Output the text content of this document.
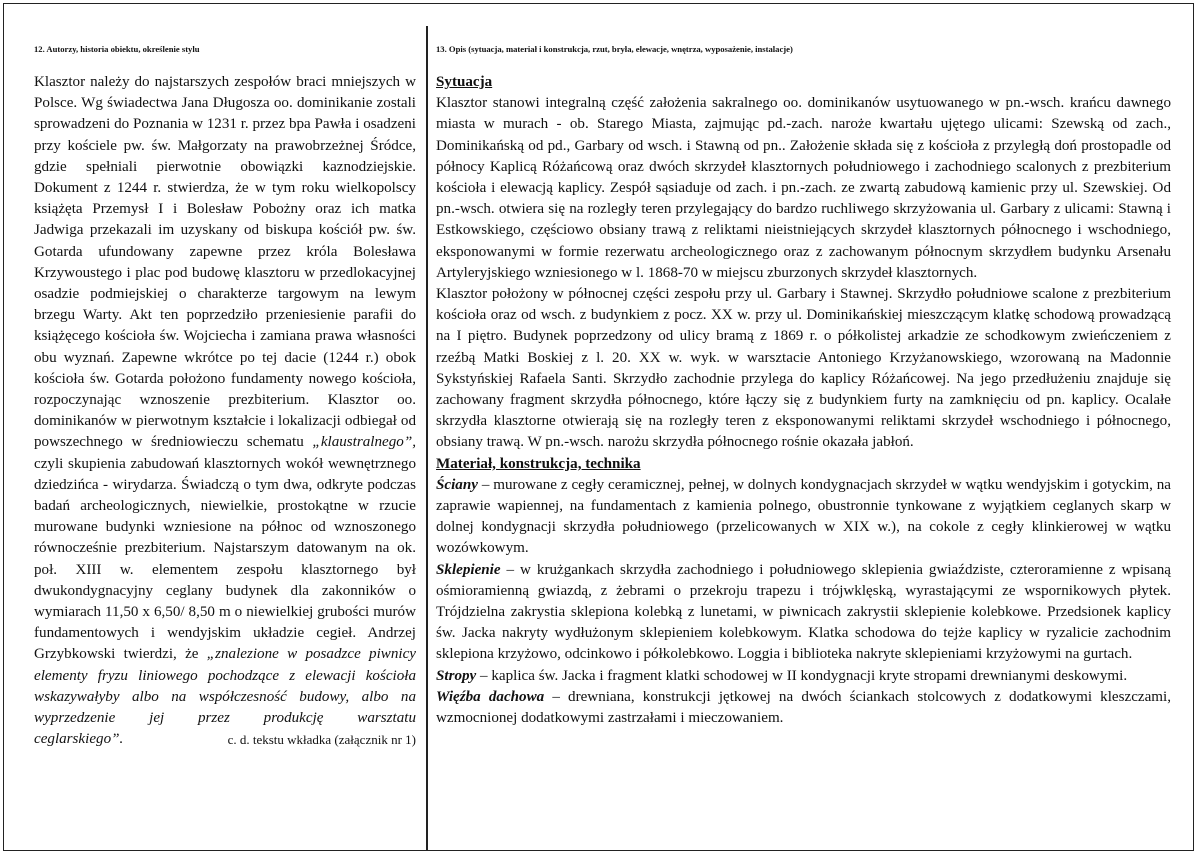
12. Autorzy, historia obiektu, określenie stylu

Klasztor należy do najstarszych zespołów braci mniejszych w Polsce. Wg świadectwa Jana Długosza oo. dominikanie zostali sprowadzeni do Poznania w 1231 r. przez bpa Pawła i osadzeni przy kościele pw. św. Małgorzaty na prawobrzeżnej Śródce, gdzie spełniali pierwotnie obowiązki kaznodziejskie. Dokument z 1244 r. stwierdza, że w tym roku wielkopolscy książęta Przemysł I i Bolesław Pobożny oraz ich matka Jadwiga przekazali im uzyskany od biskupa kościół pw. św. Gotarda ufundowany zapewne przez króla Bolesława Krzywoustego i plac pod budowę klasztoru w przedlokacyjnej osadzie podmiejskiej o charakterze targowym na lewym brzegu Warty. Akt ten poprzedziło przeniesienie parafii do książęcego kościoła św. Wojciecha i zamiana prawa własności obu wyznań. Zapewne wkrótce po tej dacie (1244 r.) obok kościoła św. Gotarda położono fundamenty nowego kościoła, rozpoczynając wznoszenie prezbiterium. Klasztor oo. dominikanów w pierwotnym kształcie i lokalizacji odbiegał od powszechnego w średniowieczu schematu „klaustralnego”, czyli skupienia zabudowań klasztornych wokół wewnętrznego dziedzińca - wirydarza. Świadczą o tym dwa, odkryte podczas badań archeologicznych, niewielkie, prostokątne w rzucie murowane budynki wzniesione na północ od wznoszonego równocześnie prezbiterium. Najstarszym datowanym na ok. poł. XIII w. elementem zespołu klasztornego był dwukondygnacyjny ceglany budynek dla zakonników o wymiarach 11,50 x 6,50/ 8,50 m o niewielkiej grubości murów fundamentowych i wendyjskim układzie cegieł. Andrzej Grzybkowski twierdzi, że „znalezione w posadzce piwnicy elementy fryzu liniowego pochodzące z elewacji kościoła wskazywałyby albo na współczesność budowy, albo na wyprzedzenie jej przez produkcję warsztatu

ceglarskiego”.	c. d. tekstu wkładka (załącznik nr 1)
13. Opis (sytuacja, materiał i konstrukcja, rzut, bryła, elewacje, wnętrza, wyposażenie, instalacje)

Sytuacja

Klasztor stanowi integralną część założenia sakralnego oo. dominikanów usytuowanego w pn.-wsch. krańcu dawnego miasta w murach - ob. Starego Miasta, zajmując pd.-zach. naroże kwartału ujętego ulicami: Szewską od zach., Dominikańską od pd., Garbary od wsch. i Stawną od pn.. Założenie składa się z kościoła z przyległą doń prostopadle od północy Kaplicą Różańcową oraz dwóch skrzydeł klasztornych południowego i zachodniego scalonych z prezbiterium kościoła i elewacją kaplicy. Zespół sąsiaduje od zach. i pn.-zach. ze zwartą zabudową kamienic przy ul. Szewskiej. Od pn.-wsch. otwiera się na rozległy teren przylegający do bardzo ruchliwego skrzyżowania ul. Garbary z ulicami: Stawną i Estkowskiego, częściowo obsiany trawą z reliktami nieistniejących skrzydeł klasztornych północnego i wschodniego, eksponowanymi w formie rezerwatu archeologicznego oraz z zachowanym północnym skrzydłem budynku Arsenału Artyleryjskiego wzniesionego w l. 1868-70 w miejscu zburzonych skrzydeł klasztornych.

Klasztor położony w północnej części zespołu przy ul. Garbary i Stawnej. Skrzydło południowe scalone z prezbiterium kościoła oraz od wsch. z budynkiem z pocz. XX w. przy ul. Dominikańskiej mieszczącym klatkę schodową prowadzącą na I piętro. Budynek poprzedzony od ulicy bramą z 1869 r. o półkolistej arkadzie ze schodkowym zwieńczeniem z rzeźbą Matki Boskiej z l. 20. XX w. wyk. w warsztacie Antoniego Krzyżanowskiego, wzorowaną na Madonnie Sykstyńskiej Rafaela Santi. Skrzydło zachodnie przylega do kaplicy Różańcowej. Na jego przedłużeniu znajduje się zachowany fragment skrzydła północnego, które łączy się z budynkiem furty na zamknięciu od pn. kaplicy. Ocalałe skrzydła klasztorne otwierają się na rozległy teren z eksponowanymi reliktami skrzydeł wschodniego i północnego, obsiany trawą. W pn.-wsch. narożu skrzydła północnego rośnie okazała jabłoń.

Materiał, konstrukcja, technika

Ściany – murowane z cegły ceramicznej, pełnej, w dolnych kondygnacjach skrzydeł w wątku wendyjskim i gotyckim, na zaprawie wapiennej, na fundamentach z kamienia polnego, obustronnie tynkowane z wyjątkiem ceglanych skarp w dolnej kondygnacji skrzydła południowego (przelicowanych w XIX w.), na cokole z cegły klinkierowej w wątku wozówkowym.

Sklepienie – w krużgankach skrzydła zachodniego i południowego sklepienia gwiaździste, czteroramienne z wpisaną ośmioramienną gwiazdą, z żebrami o przekroju trapezu i trójwklęską, wyrastającymi ze wspornikowych płytek. Trójdzielna zakrystia sklepiona kolebką z lunetami, w piwnicach zakrystii sklepienie kolebkowe. Przedsionek kaplicy św. Jacka nakryty wydłużonym sklepieniem kolebkowym. Klatka schodowa do tejże kaplicy w ryzalicie zachodnim sklepiona krzyżowo, odcinkowo i półkolebkowo. Loggia i biblioteka nakryte sklepieniami krzyżowymi na gurtach.

Stropy – kaplica św. Jacka i fragment klatki schodowej w II kondygnacji kryte stropami drewnianymi deskowymi.

Więźba dachowa – drewniana, konstrukcji jętkowej na dwóch ściankach stolcowych z dodatkowymi kleszczami, wzmocnionej dodatkowymi zastrzałami i mieczowaniem.
